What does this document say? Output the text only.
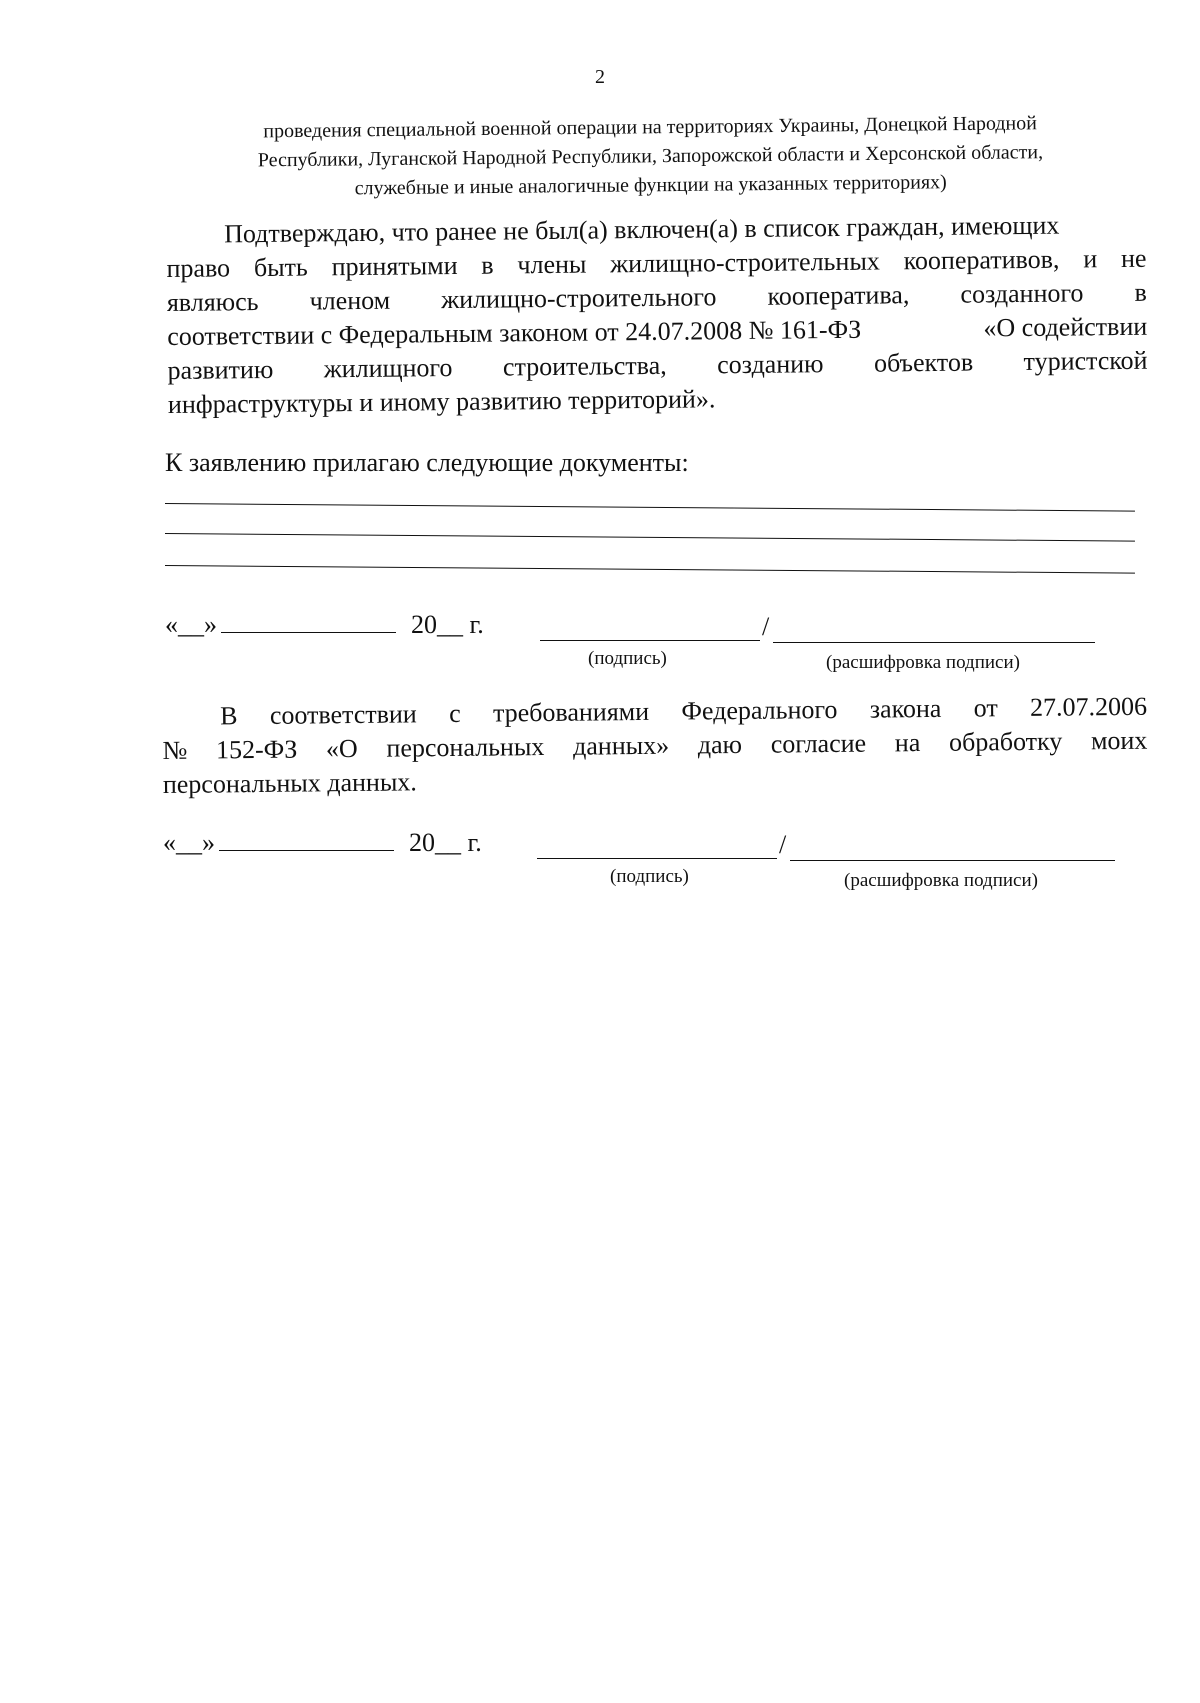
2
проведения специальной военной операции на территориях Украины, Донецкой Народной
Республики, Луганской Народной Республики, Запорожской области и Херсонской области,
служебные и иные аналогичные функции на указанных территориях)
Подтверждаю, что ранее не был(а) включен(а) в список граждан, имеющих
право быть принятыми в члены жилищно-строительных кооперативов, и не
являюсь членом жилищно-строительного кооператива, созданного в
соответствии с Федеральным законом от 24.07.2008 № 161-ФЗ	«О содействии
развитию жилищного строительства, созданию объектов туристской
инфраструктуры и иному развитию территорий».
К заявлению прилагаю следующие документы:
«__»	20__ г.	/
(подпись)	(расшифровка подписи)
В соответствии с требованиями Федерального закона от 27.07.2006
№ 152-ФЗ «О персональных данных» даю согласие на обработку моих
персональных данных.
«__»	20__ г.	/
(подпись)	(расшифровка подписи)
